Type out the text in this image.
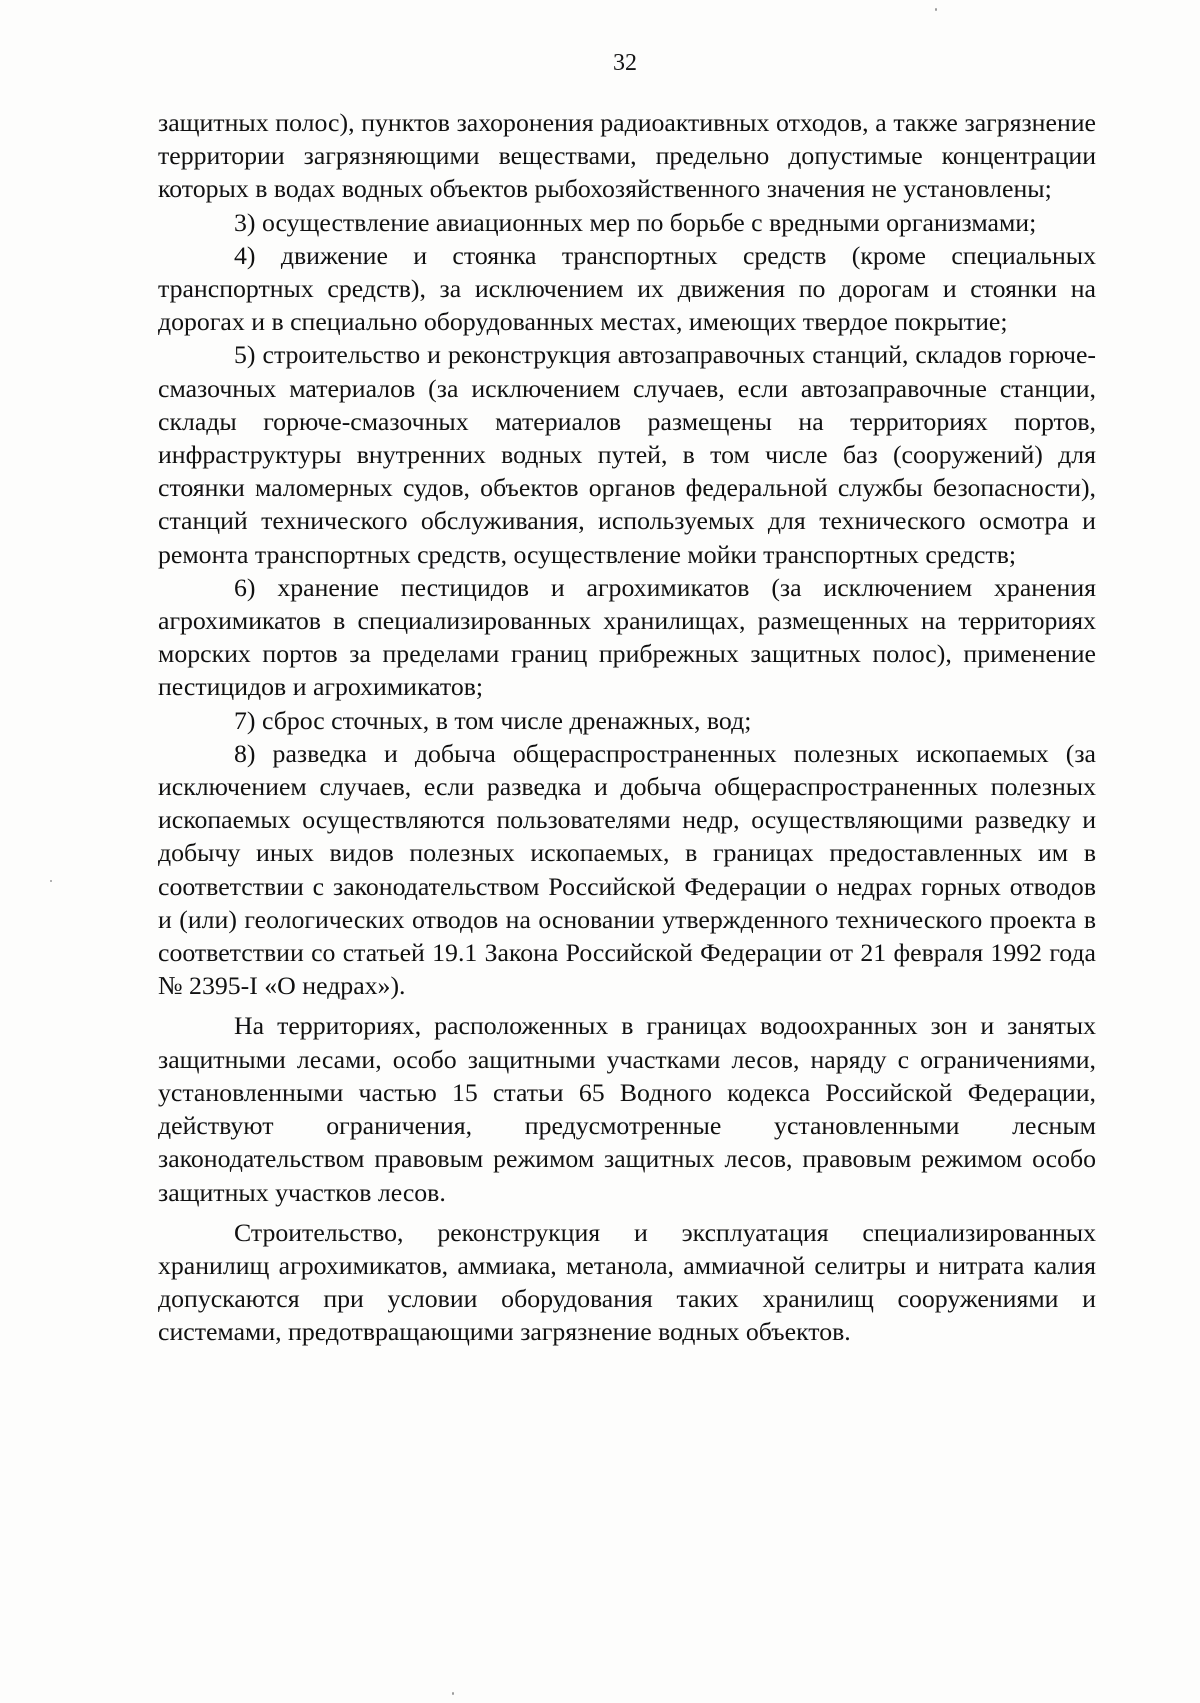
32

защитных полос), пунктов захоронения радиоактивных отходов, а также загрязнение территории загрязняющими веществами, предельно допустимые концентрации которых в водах водных объектов рыбохозяйственного значения не установлены;

3) осуществление авиационных мер по борьбе с вредными организмами;

4) движение и стоянка транспортных средств (кроме специальных транспортных средств), за исключением их движения по дорогам и стоянки на дорогах и в специально оборудованных местах, имеющих твердое покрытие;

5) строительство и реконструкция автозаправочных станций, складов горюче-смазочных материалов (за исключением случаев, если автозаправочные станции, склады горюче-смазочных материалов размещены на территориях портов, инфраструктуры внутренних водных путей, в том числе баз (сооружений) для стоянки маломерных судов, объектов органов федеральной службы безопасности), станций технического обслуживания, используемых для технического осмотра и ремонта транспортных средств, осуществление мойки транспортных средств;

6) хранение пестицидов и агрохимикатов (за исключением хранения агрохимикатов в специализированных хранилищах, размещенных на территориях морских портов за пределами границ прибрежных защитных полос), применение пестицидов и агрохимикатов;

7) сброс сточных, в том числе дренажных, вод;

8) разведка и добыча общераспространенных полезных ископаемых (за исключением случаев, если разведка и добыча общераспространенных полезных ископаемых осуществляются пользователями недр, осуществляющими разведку и добычу иных видов полезных ископаемых, в границах предоставленных им в соответствии с законодательством Российской Федерации о недрах горных отводов и (или) геологических отводов на основании утвержденного технического проекта в соответствии со статьей 19.1 Закона Российской Федерации от 21 февраля 1992 года № 2395-I «О недрах»).

На территориях, расположенных в границах водоохранных зон и занятых защитными лесами, особо защитными участками лесов, наряду с ограничениями, установленными частью 15 статьи 65 Водного кодекса Российской Федерации, действуют ограничения, предусмотренные установленными лесным законодательством правовым режимом защитных лесов, правовым режимом особо защитных участков лесов.

Строительство, реконструкция и эксплуатация специализированных хранилищ агрохимикатов, аммиака, метанола, аммиачной селитры и нитрата калия допускаются при условии оборудования таких хранилищ сооружениями и системами, предотвращающими загрязнение водных объектов.
